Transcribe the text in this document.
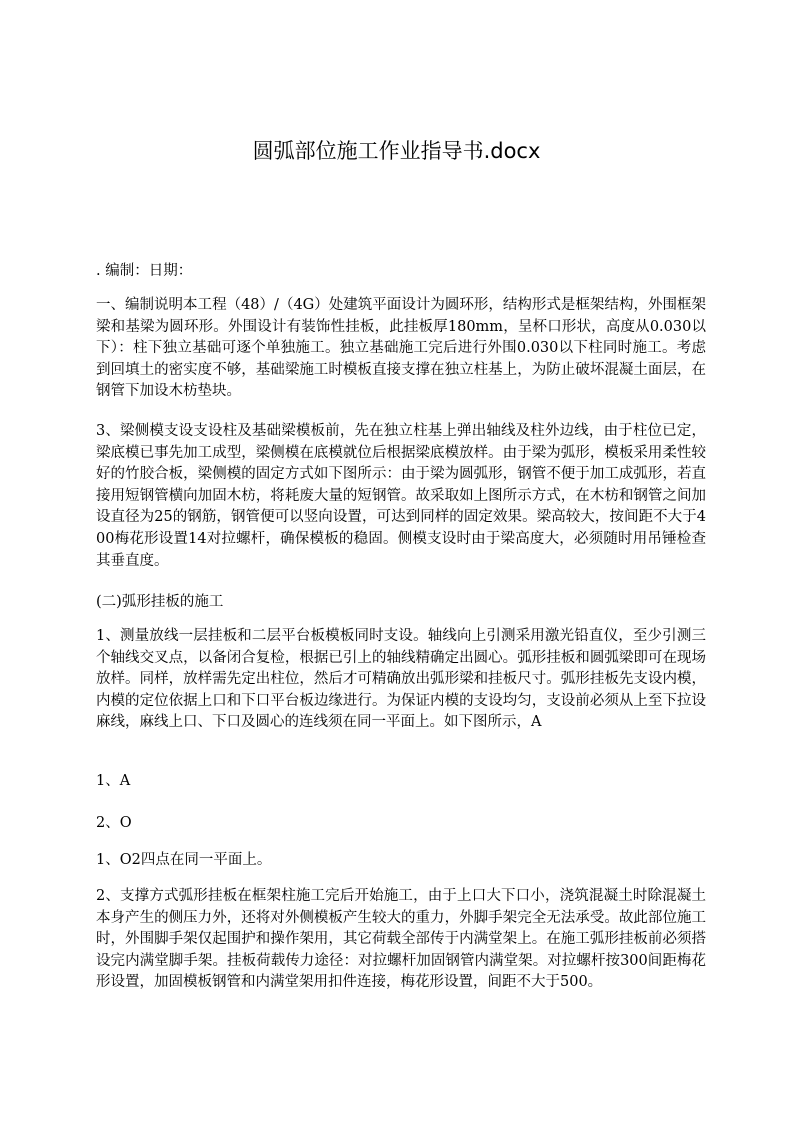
圆弧部位施工作业指导书.docx

. 编制：日期：

一、编制说明本工程（48）/（4G）处建筑平面设计为圆环形，结构形式是框架结构，外围框架梁和基梁为圆环形。外围设计有装饰性挂板，此挂板厚180mm，呈杯口形状，高度从0.030以下）：柱下独立基础可逐个单独施工。独立基础施工完后进行外围0.030以下柱同时施工。考虑到回填土的密实度不够，基础梁施工时模板直接支撑在独立柱基上，为防止破坏混凝土面层，在钢管下加设木枋垫块。

3、梁侧模支设支设柱及基础梁模板前，先在独立柱基上弹出轴线及柱外边线，由于柱位已定，梁底模已事先加工成型，梁侧模在底模就位后根据梁底模放样。由于梁为弧形，模板采用柔性较好的竹胶合板，梁侧模的固定方式如下图所示：由于梁为圆弧形，钢管不便于加工成弧形，若直接用短钢管横向加固木枋，将耗废大量的短钢管。故采取如上图所示方式，在木枋和钢管之间加设直径为25的钢筋，钢管便可以竖向设置，可达到同样的固定效果。梁高较大，按间距不大于400梅花形设置14对拉螺杆，确保模板的稳固。侧模支设时由于梁高度大，必须随时用吊锤检查其垂直度。

(二)弧形挂板的施工

1、测量放线一层挂板和二层平台板模板同时支设。轴线向上引测采用激光铅直仪，至少引测三个轴线交叉点，以备闭合复检，根据已引上的轴线精确定出圆心。弧形挂板和圆弧梁即可在现场放样。同样，放样需先定出柱位，然后才可精确放出弧形梁和挂板尺寸。弧形挂板先支设内模，内模的定位依据上口和下口平台板边缘进行。为保证内模的支设均匀，支设前必须从上至下拉设麻线，麻线上口、下口及圆心的连线须在同一平面上。如下图所示，A

1、A

2、O

1、O2四点在同一平面上。

2、支撑方式弧形挂板在框架柱施工完后开始施工，由于上口大下口小，浇筑混凝土时除混凝土本身产生的侧压力外，还将对外侧模板产生较大的重力，外脚手架完全无法承受。故此部位施工时，外围脚手架仅起围护和操作架用，其它荷载全部传于内满堂架上。在施工弧形挂板前必须搭设完内满堂脚手架。挂板荷载传力途径：对拉螺杆加固钢管内满堂架。对拉螺杆按300间距梅花形设置，加固模板钢管和内满堂架用扣件连接，梅花形设置，间距不大于500。
